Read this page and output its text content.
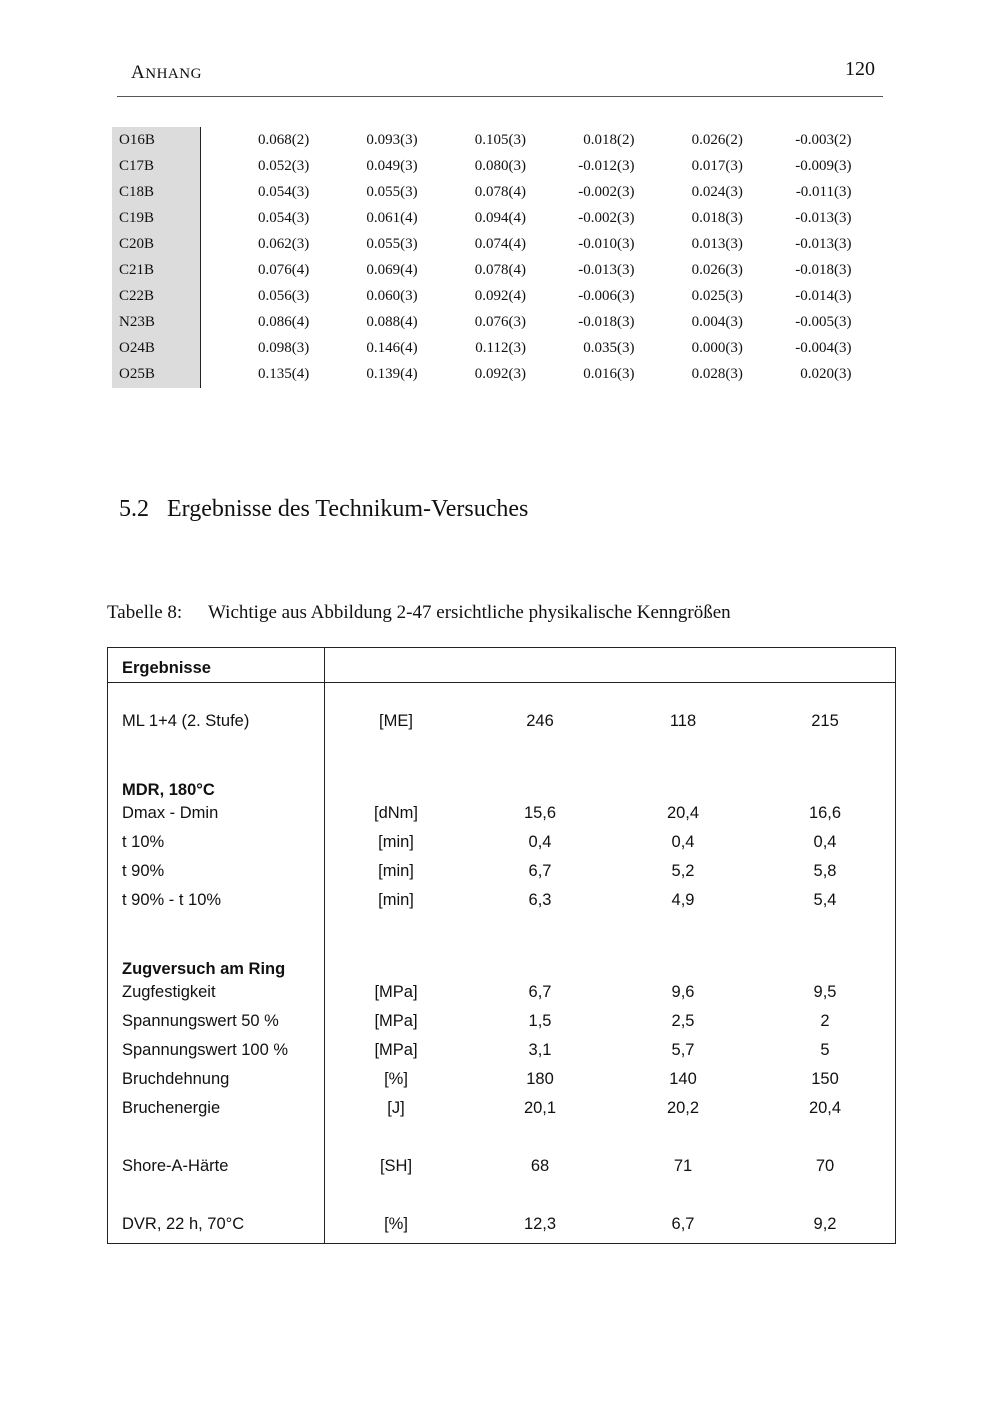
ANHANG	120
O16B	0.068(2)	0.093(3)	0.105(3)	0.018(2)	0.026(2)	-0.003(2)
C17B	0.052(3)	0.049(3)	0.080(3)	-0.012(3)	0.017(3)	-0.009(3)
C18B	0.054(3)	0.055(3)	0.078(4)	-0.002(3)	0.024(3)	-0.011(3)
C19B	0.054(3)	0.061(4)	0.094(4)	-0.002(3)	0.018(3)	-0.013(3)
C20B	0.062(3)	0.055(3)	0.074(4)	-0.010(3)	0.013(3)	-0.013(3)
C21B	0.076(4)	0.069(4)	0.078(4)	-0.013(3)	0.026(3)	-0.018(3)
C22B	0.056(3)	0.060(3)	0.092(4)	-0.006(3)	0.025(3)	-0.014(3)
N23B	0.086(4)	0.088(4)	0.076(3)	-0.018(3)	0.004(3)	-0.005(3)
O24B	0.098(3)	0.146(4)	0.112(3)	0.035(3)	0.000(3)	-0.004(3)
O25B	0.135(4)	0.139(4)	0.092(3)	0.016(3)	0.028(3)	0.020(3)
5.2 Ergebnisse des Technikum-Versuches
Tabelle 8: Wichtige aus Abbildung 2-47 ersichtliche physikalische Kenngrößen
Ergebnisse
ML 1+4 (2. Stufe)	[ME]	246	118	215
MDR, 180°C
Dmax - Dmin	[dNm]	15,6	20,4	16,6
t 10%	[min]	0,4	0,4	0,4
t 90%	[min]	6,7	5,2	5,8
t 90% - t 10%	[min]	6,3	4,9	5,4
Zugversuch am Ring
Zugfestigkeit	[MPa]	6,7	9,6	9,5
Spannungswert 50 %	[MPa]	1,5	2,5	2
Spannungswert 100 %	[MPa]	3,1	5,7	5
Bruchdehnung	[%]	180	140	150
Bruchenergie	[J]	20,1	20,2	20,4
Shore-A-Härte	[SH]	68	71	70
DVR, 22 h, 70°C	[%]	12,3	6,7	9,2
